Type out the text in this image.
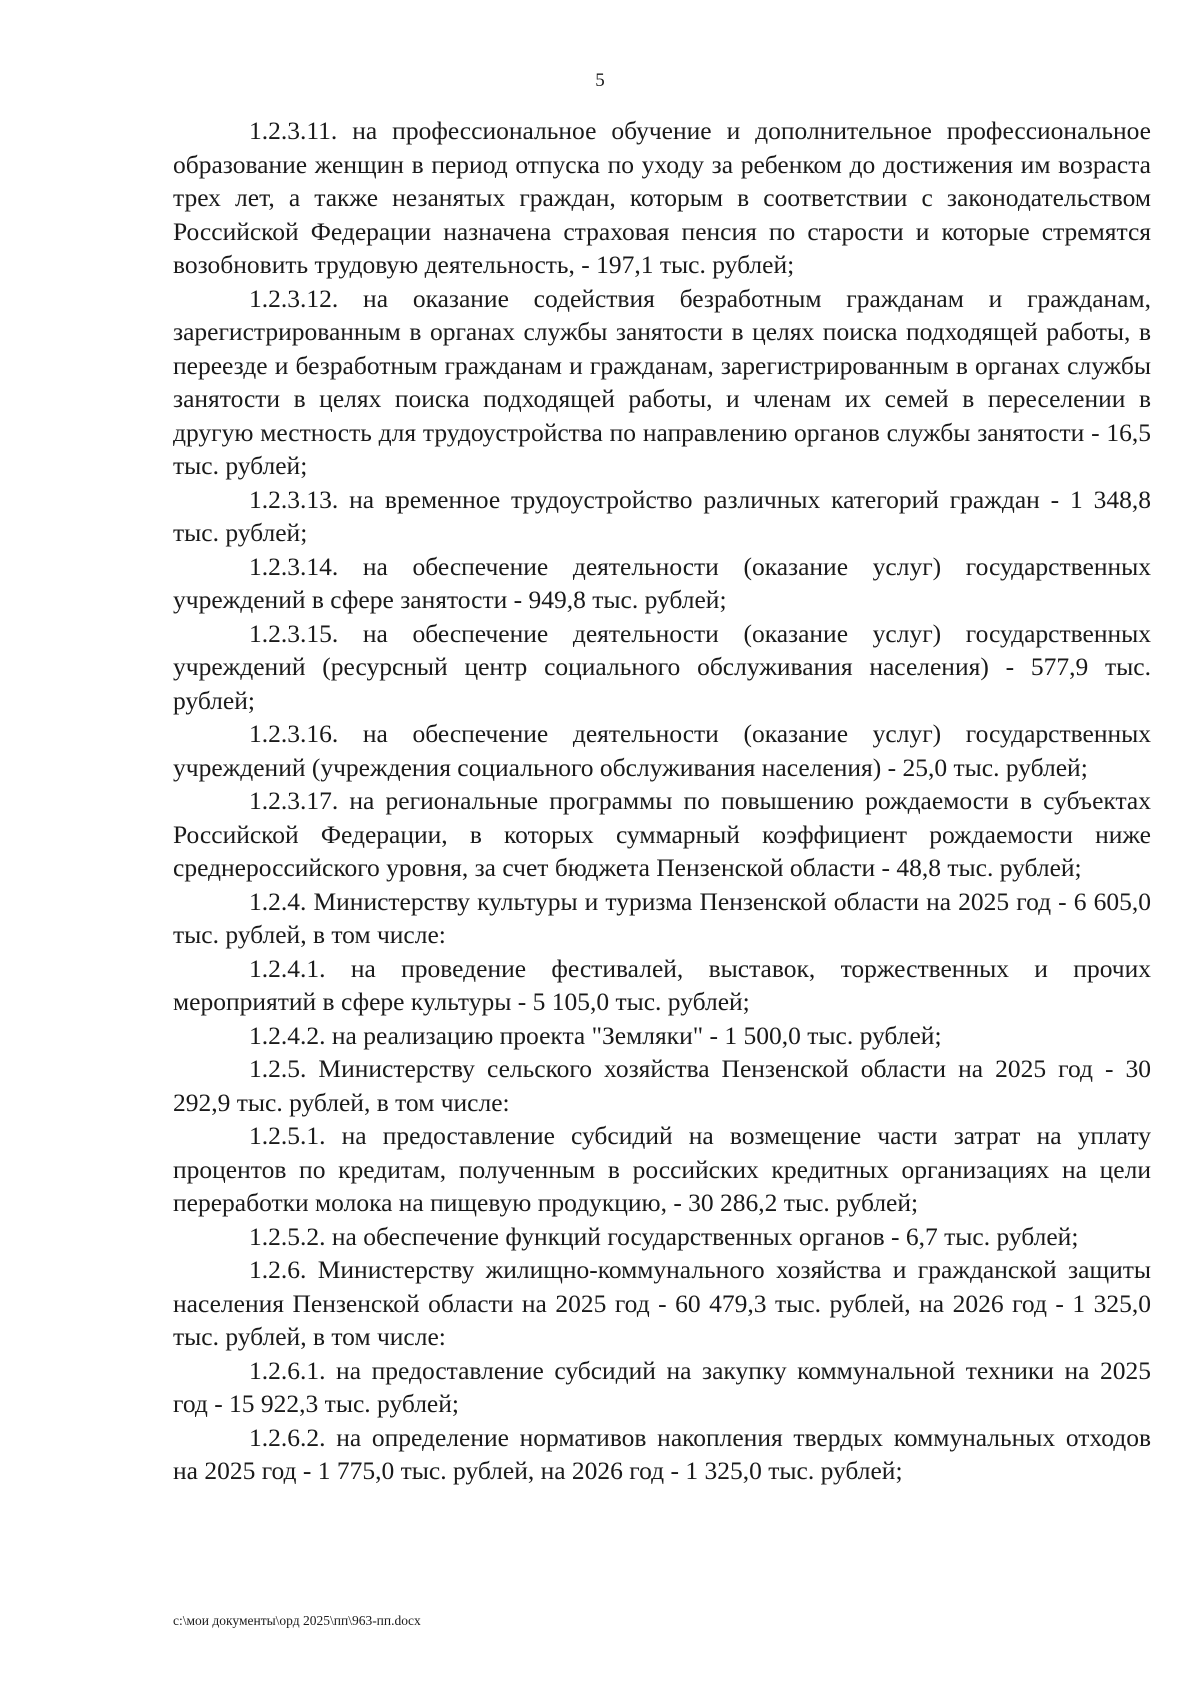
5

1.2.3.11. на профессиональное обучение и дополнительное профессиональное образование женщин в период отпуска по уходу за ребенком до достижения им возраста трех лет, а также незанятых граждан, которым в соответствии с законодательством Российской Федерации назначена страховая пенсия по старости и которые стремятся возобновить трудовую деятельность, - 197,1 тыс. рублей;

1.2.3.12. на оказание содействия безработным гражданам и гражданам, зарегистрированным в органах службы занятости в целях поиска подходящей работы, в переезде и безработным гражданам и гражданам, зарегистрированным в органах службы занятости в целях поиска подходящей работы, и членам их семей в переселении в другую местность для трудоустройства по направлению органов службы занятости - 16,5 тыс. рублей;

1.2.3.13. на временное трудоустройство различных категорий граждан - 1 348,8 тыс. рублей;

1.2.3.14. на обеспечение деятельности (оказание услуг) государственных учреждений в сфере занятости - 949,8 тыс. рублей;

1.2.3.15. на обеспечение деятельности (оказание услуг) государственных учреждений (ресурсный центр социального обслуживания населения) - 577,9 тыс. рублей;

1.2.3.16. на обеспечение деятельности (оказание услуг) государственных учреждений (учреждения социального обслуживания населения) - 25,0 тыс. рублей;

1.2.3.17. на региональные программы по повышению рождаемости в субъектах Российской Федерации, в которых суммарный коэффициент рождаемости ниже среднероссийского уровня, за счет бюджета Пензенской области - 48,8 тыс. рублей;

1.2.4. Министерству культуры и туризма Пензенской области на 2025 год - 6 605,0 тыс. рублей, в том числе:

1.2.4.1. на проведение фестивалей, выставок, торжественных и прочих мероприятий в сфере культуры - 5 105,0 тыс. рублей;

1.2.4.2. на реализацию проекта "Земляки" - 1 500,0 тыс. рублей;

1.2.5. Министерству сельского хозяйства Пензенской области на 2025 год - 30 292,9 тыс. рублей, в том числе:

1.2.5.1. на предоставление субсидий на возмещение части затрат на уплату процентов по кредитам, полученным в российских кредитных организациях на цели переработки молока на пищевую продукцию, - 30 286,2 тыс. рублей;

1.2.5.2. на обеспечение функций государственных органов - 6,7 тыс. рублей;

1.2.6. Министерству жилищно-коммунального хозяйства и гражданской защиты населения Пензенской области на 2025 год - 60 479,3 тыс. рублей, на 2026 год - 1 325,0 тыс. рублей, в том числе:

1.2.6.1. на предоставление субсидий на закупку коммунальной техники на 2025 год - 15 922,3 тыс. рублей;

1.2.6.2. на определение нормативов накопления твердых коммунальных отходов на 2025 год - 1 775,0 тыс. рублей, на 2026 год - 1 325,0 тыс. рублей;

c:\мои документы\орд 2025\пп\963-пп.docx
